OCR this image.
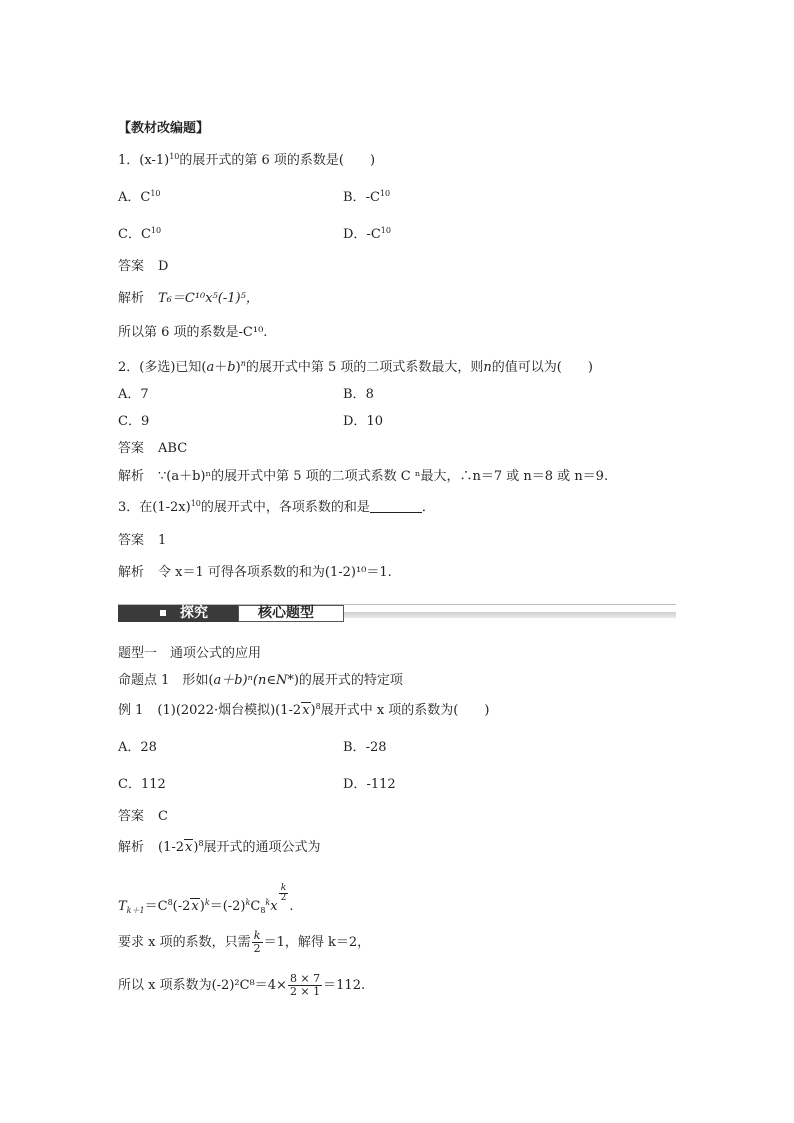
【教材改编题】
1．$(x-1)^{10}$的展开式的第 6 项的系数是(　　)
A．$C^{10}$	B．$-C^{10}$
C．$C^{10}$	D．$-C^{10}$
答案 D
解析 T₆＝C¹⁰x⁵(-1)⁵，
所以第 6 项的系数是-C¹⁰.
2．(多选)已知$(a+b)^n$的展开式中第 5 项的二项式系数最大，则n的值可以为(　　)
A．7	B．8
C．9	D．10
答案 ABC
解析 ∵(a＋b)ⁿ的展开式中第 5 项的二项式系数 C ⁿ最大，∴n＝7 或 n＝8 或 n＝9.
3．在$(1-2x)^{10}$的展开式中，各项系数的和是	．
答案 1
解析 令 x＝1 可得各项系数的和为(1-2)¹⁰＝1.
探究	核心题型
题型一　通项公式的应用
命题点 1　形如(a＋b)ⁿ(n∈N*)的展开式的特定项
例 1 (1)(2022·烟台模拟)$(1-2x)^8$展开式中 x 项的系数为(　　)
A．28	B．-28
C．112	D．-112
答案 C
解析 $(1-2x)^8$展开式的通项公式为
$T_{k+1}=C^8(-2x)^k=(-2)^kC_8^kx$
$\frac{k}{2}$
.
要求 x 项的系数，只需 $\frac{k}{2} =1$，解得 k＝2，
所以 x 项系数为$(-2)^2C^8=4\times \frac{8 \times 7}{2 \times 1} =112$.
